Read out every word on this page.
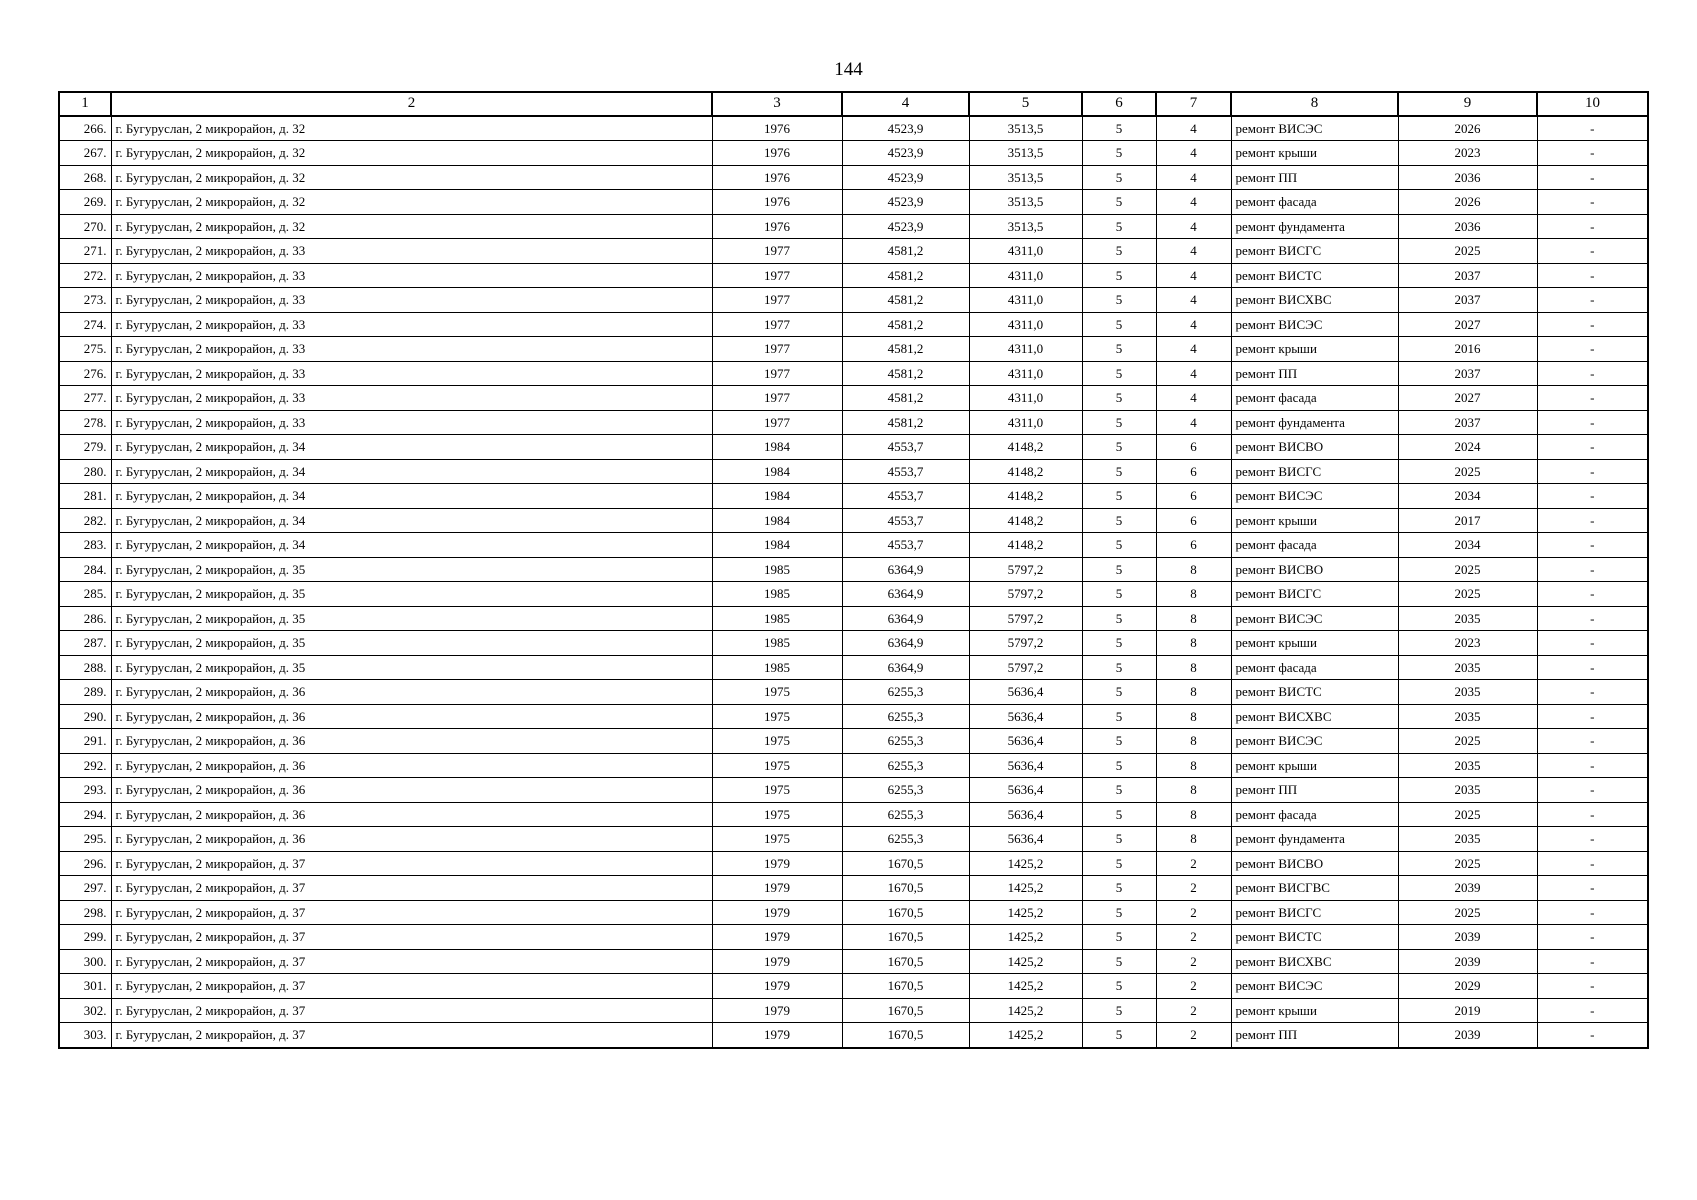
144
1	2	3	4	5	6	7	8	9	10
266.	г. Бугуруслан, 2 микрорайон, д. 32	1976	4523,9	3513,5	5	4	ремонт ВИСЭС	2026	-
267.	г. Бугуруслан, 2 микрорайон, д. 32	1976	4523,9	3513,5	5	4	ремонт крыши	2023	-
268.	г. Бугуруслан, 2 микрорайон, д. 32	1976	4523,9	3513,5	5	4	ремонт ПП	2036	-
269.	г. Бугуруслан, 2 микрорайон, д. 32	1976	4523,9	3513,5	5	4	ремонт фасада	2026	-
270.	г. Бугуруслан, 2 микрорайон, д. 32	1976	4523,9	3513,5	5	4	ремонт фундамента	2036	-
271.	г. Бугуруслан, 2 микрорайон, д. 33	1977	4581,2	4311,0	5	4	ремонт ВИСГС	2025	-
272.	г. Бугуруслан, 2 микрорайон, д. 33	1977	4581,2	4311,0	5	4	ремонт ВИСТС	2037	-
273.	г. Бугуруслан, 2 микрорайон, д. 33	1977	4581,2	4311,0	5	4	ремонт ВИСХВС	2037	-
274.	г. Бугуруслан, 2 микрорайон, д. 33	1977	4581,2	4311,0	5	4	ремонт ВИСЭС	2027	-
275.	г. Бугуруслан, 2 микрорайон, д. 33	1977	4581,2	4311,0	5	4	ремонт крыши	2016	-
276.	г. Бугуруслан, 2 микрорайон, д. 33	1977	4581,2	4311,0	5	4	ремонт ПП	2037	-
277.	г. Бугуруслан, 2 микрорайон, д. 33	1977	4581,2	4311,0	5	4	ремонт фасада	2027	-
278.	г. Бугуруслан, 2 микрорайон, д. 33	1977	4581,2	4311,0	5	4	ремонт фундамента	2037	-
279.	г. Бугуруслан, 2 микрорайон, д. 34	1984	4553,7	4148,2	5	6	ремонт ВИСВО	2024	-
280.	г. Бугуруслан, 2 микрорайон, д. 34	1984	4553,7	4148,2	5	6	ремонт ВИСГС	2025	-
281.	г. Бугуруслан, 2 микрорайон, д. 34	1984	4553,7	4148,2	5	6	ремонт ВИСЭС	2034	-
282.	г. Бугуруслан, 2 микрорайон, д. 34	1984	4553,7	4148,2	5	6	ремонт крыши	2017	-
283.	г. Бугуруслан, 2 микрорайон, д. 34	1984	4553,7	4148,2	5	6	ремонт фасада	2034	-
284.	г. Бугуруслан, 2 микрорайон, д. 35	1985	6364,9	5797,2	5	8	ремонт ВИСВО	2025	-
285.	г. Бугуруслан, 2 микрорайон, д. 35	1985	6364,9	5797,2	5	8	ремонт ВИСГС	2025	-
286.	г. Бугуруслан, 2 микрорайон, д. 35	1985	6364,9	5797,2	5	8	ремонт ВИСЭС	2035	-
287.	г. Бугуруслан, 2 микрорайон, д. 35	1985	6364,9	5797,2	5	8	ремонт крыши	2023	-
288.	г. Бугуруслан, 2 микрорайон, д. 35	1985	6364,9	5797,2	5	8	ремонт фасада	2035	-
289.	г. Бугуруслан, 2 микрорайон, д. 36	1975	6255,3	5636,4	5	8	ремонт ВИСТС	2035	-
290.	г. Бугуруслан, 2 микрорайон, д. 36	1975	6255,3	5636,4	5	8	ремонт ВИСХВС	2035	-
291.	г. Бугуруслан, 2 микрорайон, д. 36	1975	6255,3	5636,4	5	8	ремонт ВИСЭС	2025	-
292.	г. Бугуруслан, 2 микрорайон, д. 36	1975	6255,3	5636,4	5	8	ремонт крыши	2035	-
293.	г. Бугуруслан, 2 микрорайон, д. 36	1975	6255,3	5636,4	5	8	ремонт ПП	2035	-
294.	г. Бугуруслан, 2 микрорайон, д. 36	1975	6255,3	5636,4	5	8	ремонт фасада	2025	-
295.	г. Бугуруслан, 2 микрорайон, д. 36	1975	6255,3	5636,4	5	8	ремонт фундамента	2035	-
296.	г. Бугуруслан, 2 микрорайон, д. 37	1979	1670,5	1425,2	5	2	ремонт ВИСВО	2025	-
297.	г. Бугуруслан, 2 микрорайон, д. 37	1979	1670,5	1425,2	5	2	ремонт ВИСГВС	2039	-
298.	г. Бугуруслан, 2 микрорайон, д. 37	1979	1670,5	1425,2	5	2	ремонт ВИСГС	2025	-
299.	г. Бугуруслан, 2 микрорайон, д. 37	1979	1670,5	1425,2	5	2	ремонт ВИСТС	2039	-
300.	г. Бугуруслан, 2 микрорайон, д. 37	1979	1670,5	1425,2	5	2	ремонт ВИСХВС	2039	-
301.	г. Бугуруслан, 2 микрорайон, д. 37	1979	1670,5	1425,2	5	2	ремонт ВИСЭС	2029	-
302.	г. Бугуруслан, 2 микрорайон, д. 37	1979	1670,5	1425,2	5	2	ремонт крыши	2019	-
303.	г. Бугуруслан, 2 микрорайон, д. 37	1979	1670,5	1425,2	5	2	ремонт ПП	2039	-
